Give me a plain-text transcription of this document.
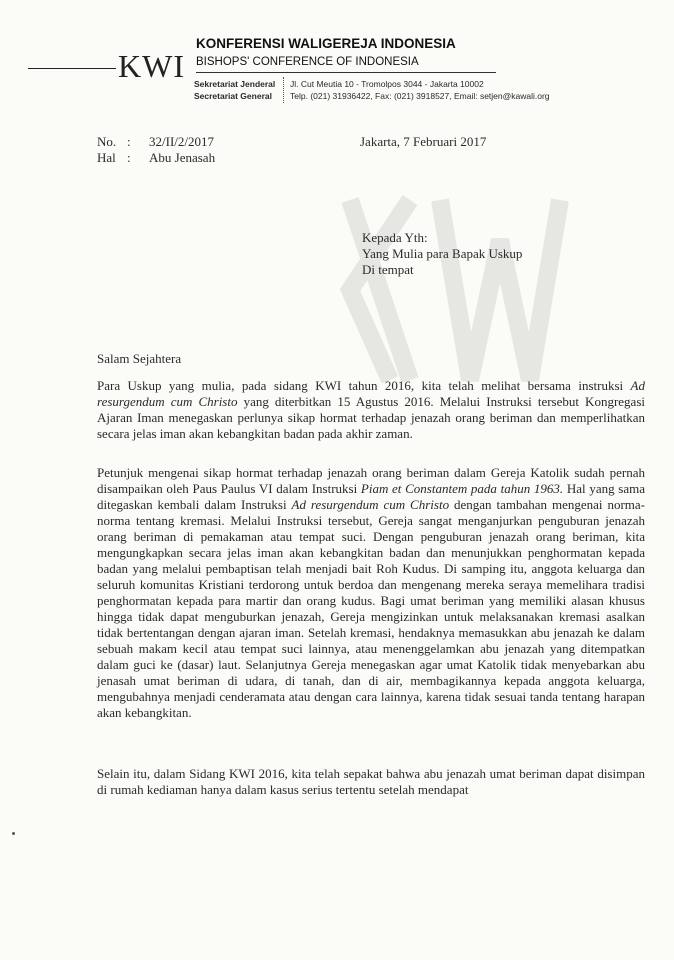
KWI
KONFERENSI WALIGEREJA INDONESIA
BISHOPS' CONFERENCE OF INDONESIA
Sekretariat Jenderal
Secretariat General
Jl. Cut Meutia 10 - Tromolpos 3044 - Jakarta 10002
Telp. (021) 31936422, Fax: (021) 3918527, Email: setjen@kawali.org
No. : 32/II/2/2017
Hal : Abu Jenasah
Jakarta, 7 Februari 2017
Kepada Yth:
Yang Mulia para Bapak Uskup
Di tempat
Salam Sejahtera
Para Uskup yang mulia, pada sidang KWI tahun 2016, kita telah melihat bersama instruksi Ad resurgendum cum Christo yang diterbitkan 15 Agustus 2016. Melalui Instruksi tersebut Kongregasi Ajaran Iman menegaskan perlunya sikap hormat terhadap jenazah orang beriman dan memperlihatkan secara jelas iman akan kebangkitan badan pada akhir zaman.
Petunjuk mengenai sikap hormat terhadap jenazah orang beriman dalam Gereja Katolik sudah pernah disampaikan oleh Paus Paulus VI dalam Instruksi Piam et Constantem pada tahun 1963. Hal yang sama ditegaskan kembali dalam Instruksi Ad resurgendum cum Christo dengan tambahan mengenai norma-norma tentang kremasi. Melalui Instruksi tersebut, Gereja sangat menganjurkan penguburan jenazah orang beriman di pemakaman atau tempat suci. Dengan penguburan jenazah orang beriman, kita mengungkapkan secara jelas iman akan kebangkitan badan dan menunjukkan penghormatan kepada badan yang melalui pembaptisan telah menjadi bait Roh Kudus. Di samping itu, anggota keluarga dan seluruh komunitas Kristiani terdorong untuk berdoa dan mengenang mereka seraya memelihara tradisi penghormatan kepada para martir dan orang kudus. Bagi umat beriman yang memiliki alasan khusus hingga tidak dapat menguburkan jenazah, Gereja mengizinkan untuk melaksanakan kremasi asalkan tidak bertentangan dengan ajaran iman. Setelah kremasi, hendaknya memasukkan abu jenazah ke dalam sebuah makam kecil atau tempat suci lainnya, atau menenggelamkan abu jenazah yang ditempatkan dalam guci ke (dasar) laut. Selanjutnya Gereja menegaskan agar umat Katolik tidak menyebarkan abu jenasah umat beriman di udara, di tanah, dan di air, membagikannya kepada anggota keluarga, mengubahnya menjadi cenderamata atau dengan cara lainnya, karena tidak sesuai tanda tentang harapan akan kebangkitan.
Selain itu, dalam Sidang KWI 2016, kita telah sepakat bahwa abu jenazah umat beriman dapat disimpan di rumah kediaman hanya dalam kasus serius tertentu setelah mendapat
